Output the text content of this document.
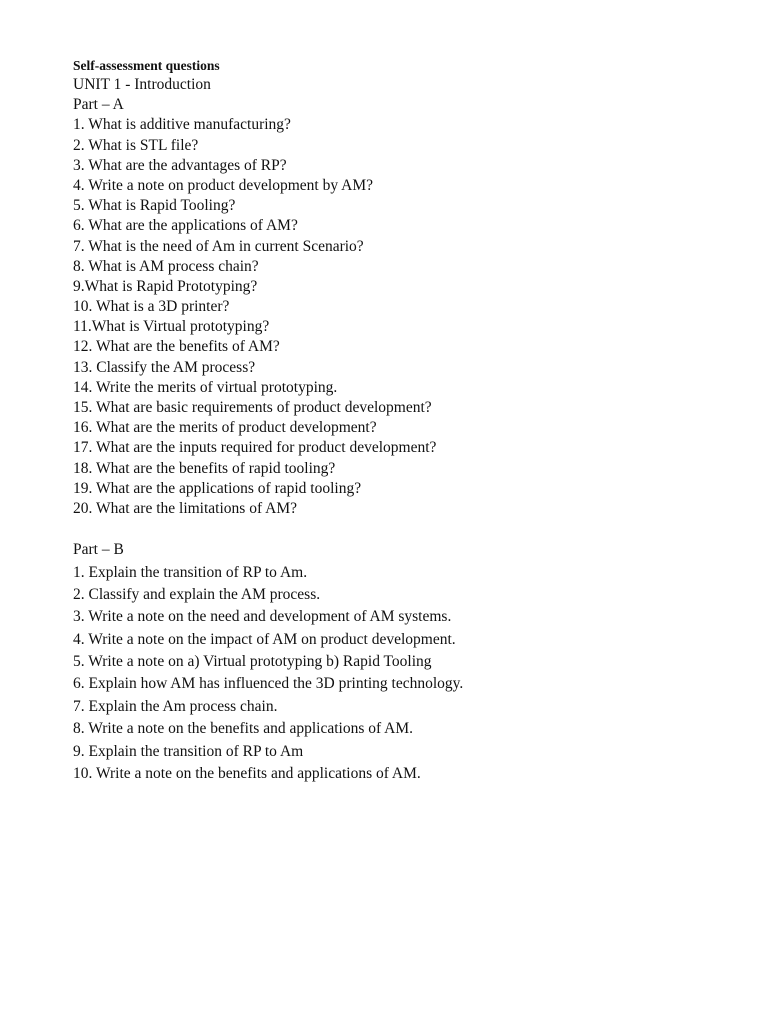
Self-assessment questions

UNIT 1 - Introduction

Part – A

1. What is additive manufacturing?
2. What is STL file?
3. What are the advantages of RP?
4. Write a note on product development by AM?
5. What is Rapid Tooling?
6. What are the applications of AM?
7. What is the need of Am in current Scenario?
8. What is AM process chain?
9.What is Rapid Prototyping?
10. What is a 3D printer?
11.What is Virtual prototyping?
12. What are the benefits of AM?
13. Classify the AM process?
14. Write the merits of virtual prototyping.
15. What are basic requirements of product development?
16. What are the merits of product development?
17. What are the inputs required for product development?
18. What are the benefits of rapid tooling?
19. What are the applications of rapid tooling?
20. What are the limitations of AM?

Part – B

1. Explain the transition of RP to Am.
2. Classify and explain the AM process.
3. Write a note on the need and development of AM systems.
4. Write a note on the impact of AM on product development.
5. Write a note on a) Virtual prototyping b) Rapid Tooling
6. Explain how AM has influenced the 3D printing technology.
7. Explain the Am process chain.
8. Write a note on the benefits and applications of AM.
9. Explain the transition of RP to Am
10. Write a note on the benefits and applications of AM.
